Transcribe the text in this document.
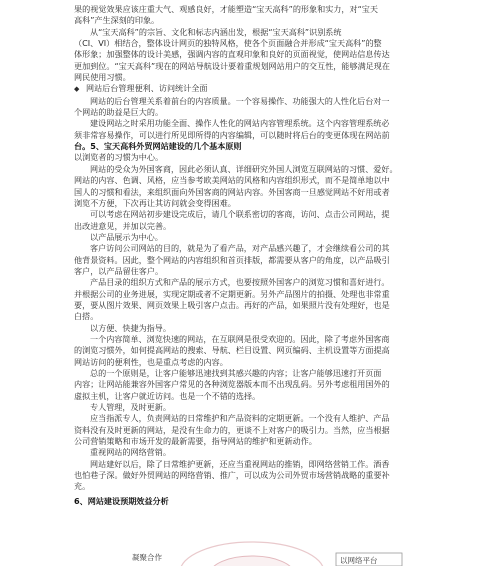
果的视觉效果应该庄重大气、观感良好，才能塑造“宝天高科”的形象和实力，对“宝天
高科”产生深刻的印象。
从“宝天高科”的宗旨、文化和标志内涵出发，根据“宝天高科”识别系统
（CI、VI）相结合，整体设计网页的独特风格，使各个页面融合并形成“宝天高科”的整
体形象；加强整体的设计美感，强调内容的直观印象和良好的页面视觉，使网站信息传达
更加到位。“宝天高科”现在的网站导航设计要着重规划网站用户的交互性，能够满足现在
网民使用习惯。
◆ 网站后台管理便利、访问统计全面
网站的后台管理关系着前台的内容质量。一个容易操作、功能强大的人性化后台对一
个网站的助益是巨大的。
建设网站之时采用功能全面、操作人性化的网站内容管理系统。这个内容管理系统必
须非常容易操作，可以进行所见即所得的内容编辑，可以随时将后台的变更体现在网站前
台。5、宝天高科外贸网站建设的几个基本原则
以浏览者的习惯为中心。
网站的受众为外国客商，因此必须认真、详细研究外国人浏览互联网站的习惯、爱好。
网站的内容、色调、风格，应当参考欧美网站的风格和内容组织形式，而不是简单地以中
国人的习惯和看法，来组织面向外国客商的网站内容。外国客商一旦感觉网站不好用或者
浏览不方便，下次再让其访问就会变得困难。
可以考虑在网站初步建设完成后，请几个联系密切的客商，访问、点击公司网站，提
出改进意见，并加以完善。
以产品展示为中心。
客户访问公司网站的目的，就是为了看产品，对产品感兴趣了，才会继续看公司的其
他背景资料。因此，整个网站的内容组织和首页排版，都需要从客户的角度，以产品吸引
客户，以产品留住客户。
产品目录的组织方式和产品的展示方式，也要按照外国客户的浏览习惯和喜好进行。
并根据公司的业务进展，实现定期或者不定期更新。另外产品图片的拍摄、处理也非常重
要，要从图片效果、网页效果上吸引客户点击。再好的产品，如果照片没有处理好，也是
白搭。
以方便、快捷为指导。
一个内容简单、浏览快速的网站，在互联网是很受欢迎的。因此，除了考虑外国客商
的浏览习惯外，如何提高网站的搜索、导航、栏目设置、网页编码、主机设置等方面提高
网站访问的便利性，也是重点考虑的内容。
总的一个原则是，让客户能够迅速找到其感兴趣的内容；让客户能够迅速打开页面
内容；让网站能兼容外国客户常见的各种浏览器版本而不出现乱码。另外考虑租用国外的
虚拟主机，让客户就近访问。也是一个不错的选择。
专人管理，及时更新。
应当指派专人，负责网站的日常维护和产品资料的定期更新。一个没有人维护、产品
资料没有及时更新的网站，是没有生命力的，更谈不上对客户的吸引力。当然，应当根据
公司营销策略和市场开发的最新需要，指导网站的维护和更新动作。
重视网站的网络营销。
网站建好以后，除了日常维护更新，还应当重视网站的推销，即网络营销工作。酒香
也怕巷子深。做好外贸网站的网络营销、推广，可以成为公司外贸市场营销战略的重要补
充。
6、网站建设预期效益分析
凝聚合作	以网络平台
